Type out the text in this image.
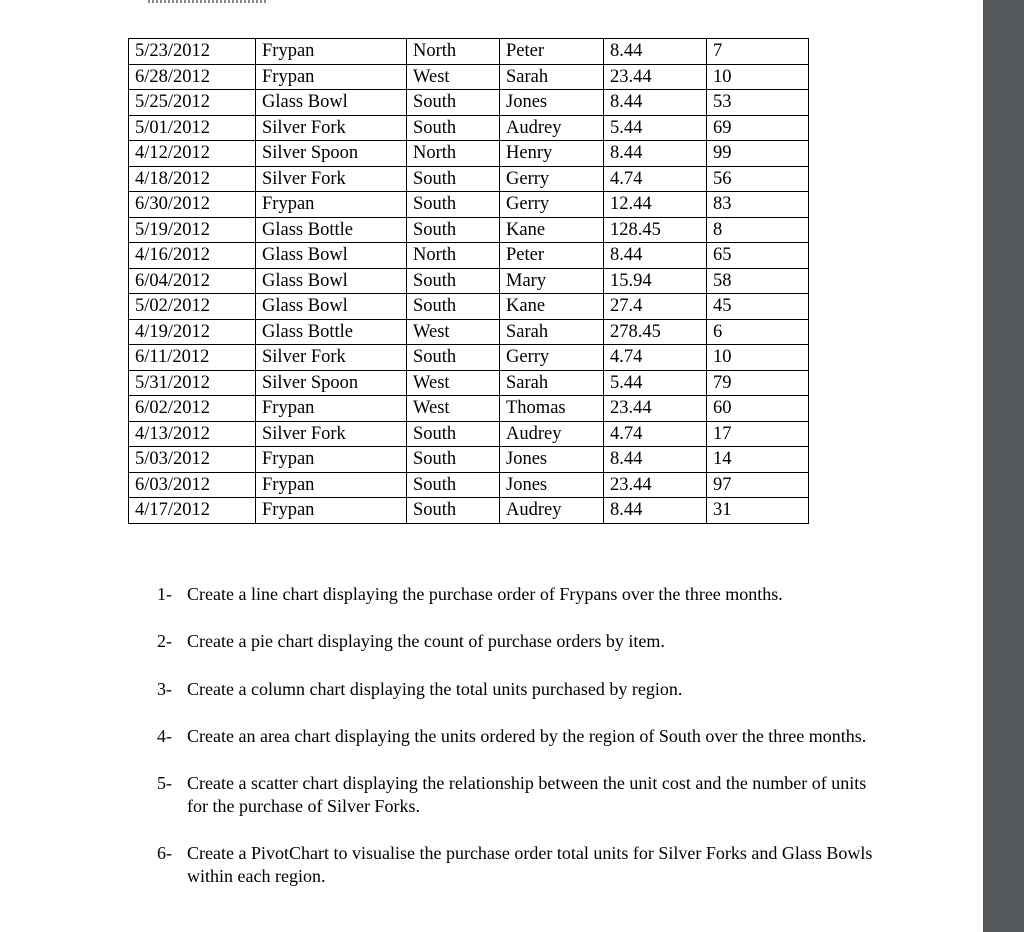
5/23/2012	Frypan	North	Peter	8.44	7
6/28/2012	Frypan	West	Sarah	23.44	10
5/25/2012	Glass Bowl	South	Jones	8.44	53
5/01/2012	Silver Fork	South	Audrey	5.44	69
4/12/2012	Silver Spoon	North	Henry	8.44	99
4/18/2012	Silver Fork	South	Gerry	4.74	56
6/30/2012	Frypan	South	Gerry	12.44	83
5/19/2012	Glass Bottle	South	Kane	128.45	8
4/16/2012	Glass Bowl	North	Peter	8.44	65
6/04/2012	Glass Bowl	South	Mary	15.94	58
5/02/2012	Glass Bowl	South	Kane	27.4	45
4/19/2012	Glass Bottle	West	Sarah	278.45	6
6/11/2012	Silver Fork	South	Gerry	4.74	10
5/31/2012	Silver Spoon	West	Sarah	5.44	79
6/02/2012	Frypan	West	Thomas	23.44	60
4/13/2012	Silver Fork	South	Audrey	4.74	17
5/03/2012	Frypan	South	Jones	8.44	14
6/03/2012	Frypan	South	Jones	23.44	97
4/17/2012	Frypan	South	Audrey	8.44	31
1- Create a line chart displaying the purchase order of Frypans over the three months.
2- Create a pie chart displaying the count of purchase orders by item.
3- Create a column chart displaying the total units purchased by region.
4- Create an area chart displaying the units ordered by the region of South over the three months.
5- Create a scatter chart displaying the relationship between the unit cost and the number of units for the purchase of Silver Forks.
6- Create a PivotChart to visualise the purchase order total units for Silver Forks and Glass Bowls within each region.
